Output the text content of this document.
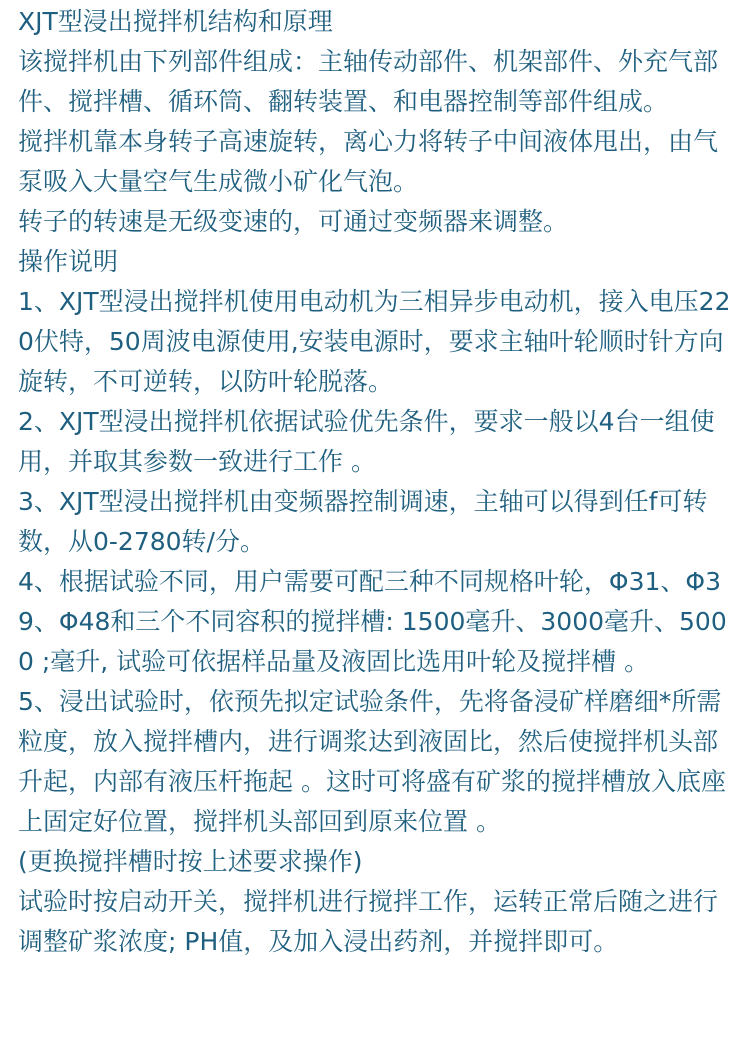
XJT型浸出搅拌机结构和原理

该搅拌机由下列部件组成：主轴传动部件、机架部件、外充气部件、搅拌槽、循环筒、翻转装置、和电器控制等部件组成。

搅拌机靠本身转子高速旋转，离心力将转子中间液体甩出，由气泵吸入大量空气生成微小矿化气泡。

转子的转速是无级变速的，可通过变频器来调整。

操作说明

1、XJT型浸出搅拌机使用电动机为三相异步电动机，接入电压220伏特，50周波电源使用,安装电源时，要求主轴叶轮顺时针方向旋转，不可逆转，以防叶轮脱落。

2、XJT型浸出搅拌机依据试验优先条件，要求一般以4台一组使用，并取其参数一致进行工作 。

3、XJT型浸出搅拌机由变频器控制调速，主轴可以得到任f可转数，从0-2780转/分。

4、根据试验不同，用户需要可配三种不同规格叶轮，Φ31、Φ39、Φ48和三个不同容积的搅拌槽: 1500毫升、3000毫升、5000 ;毫升, 试验可依据样品量及液固比选用叶轮及搅拌槽 。

5、浸出试验时，依预先拟定试验条件，先将备浸矿样磨细*所需粒度，放入搅拌槽内，进行调浆达到液固比，然后使搅拌机头部升起，内部有液压杆拖起 。这时可将盛有矿浆的搅拌槽放入底座上固定好位置，搅拌机头部回到原来位置 。

(更换搅拌槽时按上述要求操作)

试验时按启动开关，搅拌机进行搅拌工作，运转正常后随之进行调整矿浆浓度; PH值，及加入浸出药剂，并搅拌即可。
